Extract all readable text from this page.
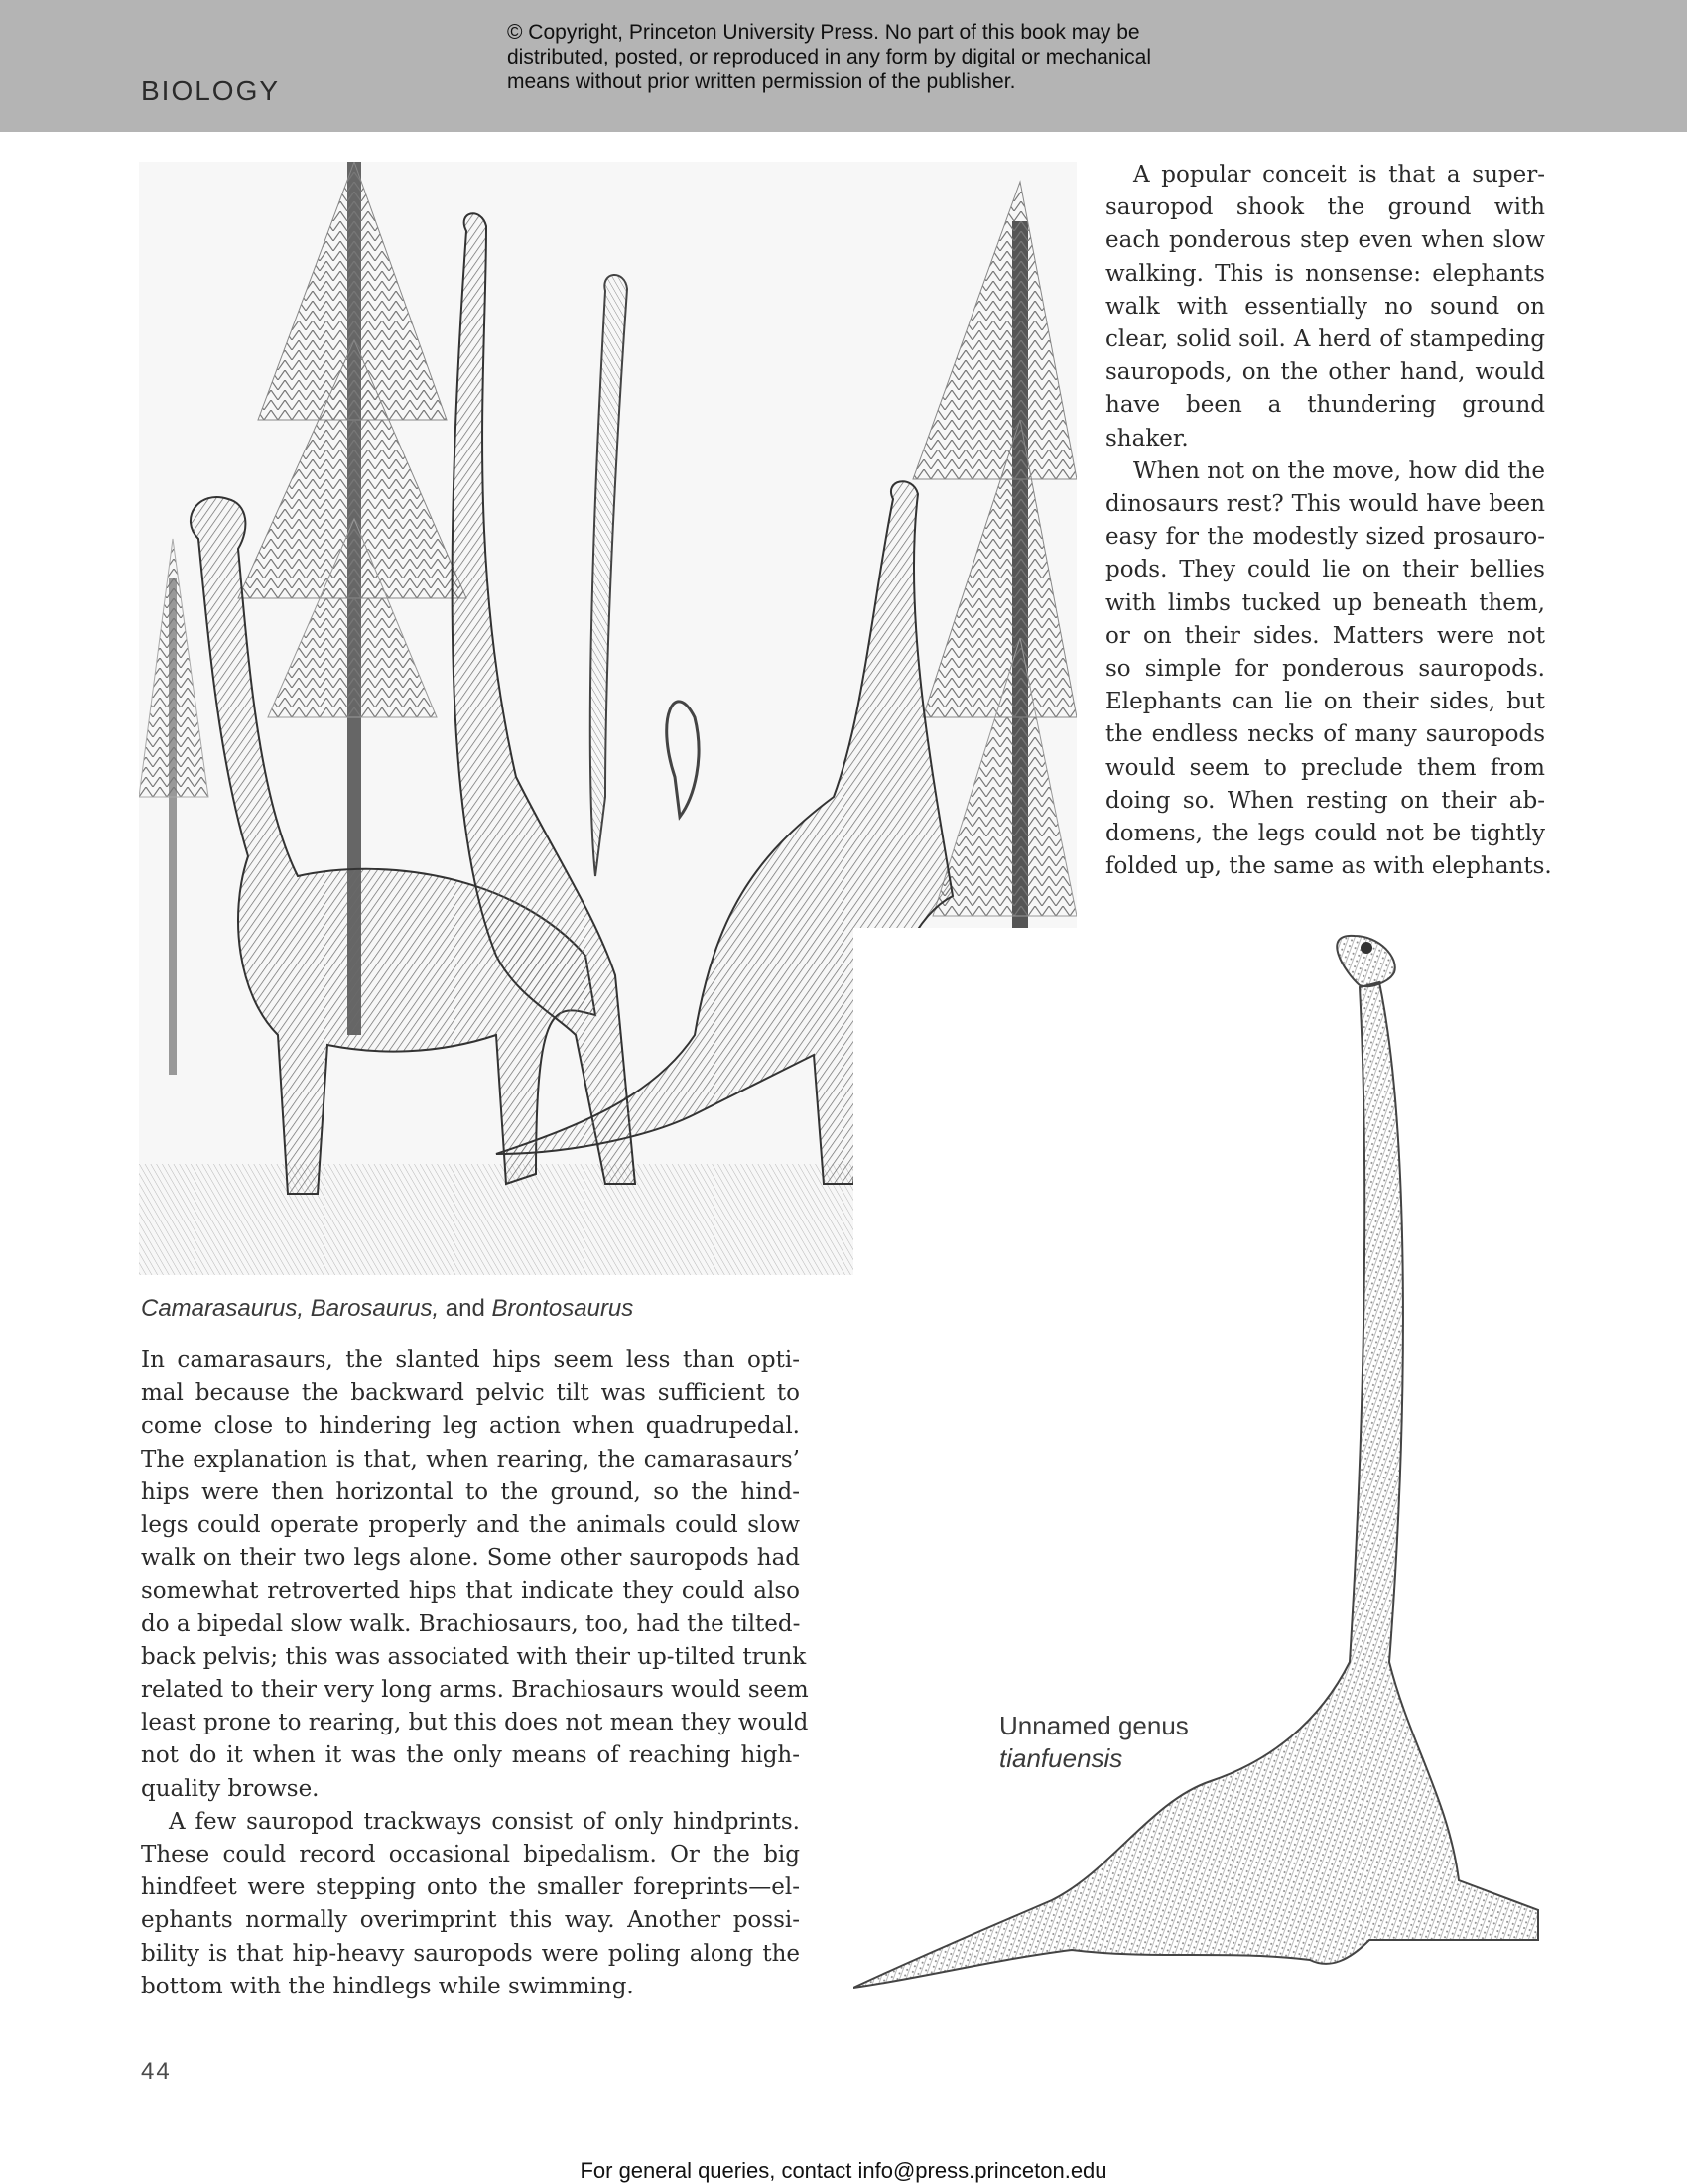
BIOLOGY
© Copyright, Princeton University Press. No part of this book may be
distributed, posted, or reproduced in any form by digital or mechanical
means without prior written permission of the publisher.

A popular conceit is that a super-
sauropod shook the ground with
each ponderous step even when slow
walking. This is nonsense: elephants
walk with essentially no sound on
clear, solid soil. A herd of stampeding
sauropods, on the other hand, would
have been a thundering ground
shaker.

When not on the move, how did the
dinosaurs rest? This would have been
easy for the modestly sized prosauro-
pods. They could lie on their bellies
with limbs tucked up beneath them,
or on their sides. Matters were not
so simple for ponderous sauropods.
Elephants can lie on their sides, but
the endless necks of many sauropods
would seem to preclude them from
doing so. When resting on their ab-
domens, the legs could not be tightly
folded up, the same as with elephants.

Camarasaurus, Barosaurus, and Brontosaurus

In camarasaurs, the slanted hips seem less than opti-
mal because the backward pelvic tilt was sufficient to
come close to hindering leg action when quadrupedal.
The explanation is that, when rearing, the camarasaurs’
hips were then horizontal to the ground, so the hind-
legs could operate properly and the animals could slow
walk on their two legs alone. Some other sauropods had
somewhat retroverted hips that indicate they could also
do a bipedal slow walk. Brachiosaurs, too, had the tilted-
back pelvis; this was associated with their up-tilted trunk
related to their very long arms. Brachiosaurs would seem
least prone to rearing, but this does not mean they would
not do it when it was the only means of reaching high-
quality browse.

A few sauropod trackways consist of only hindprints.
These could record occasional bipedalism. Or the big
hindfeet were stepping onto the smaller foreprints—el-
ephants normally overimprint this way. Another possi-
bility is that hip-heavy sauropods were poling along the
bottom with the hindlegs while swimming.

Unnamed genus
tianfuensis
44
For general queries, contact info@press.princeton.edu
